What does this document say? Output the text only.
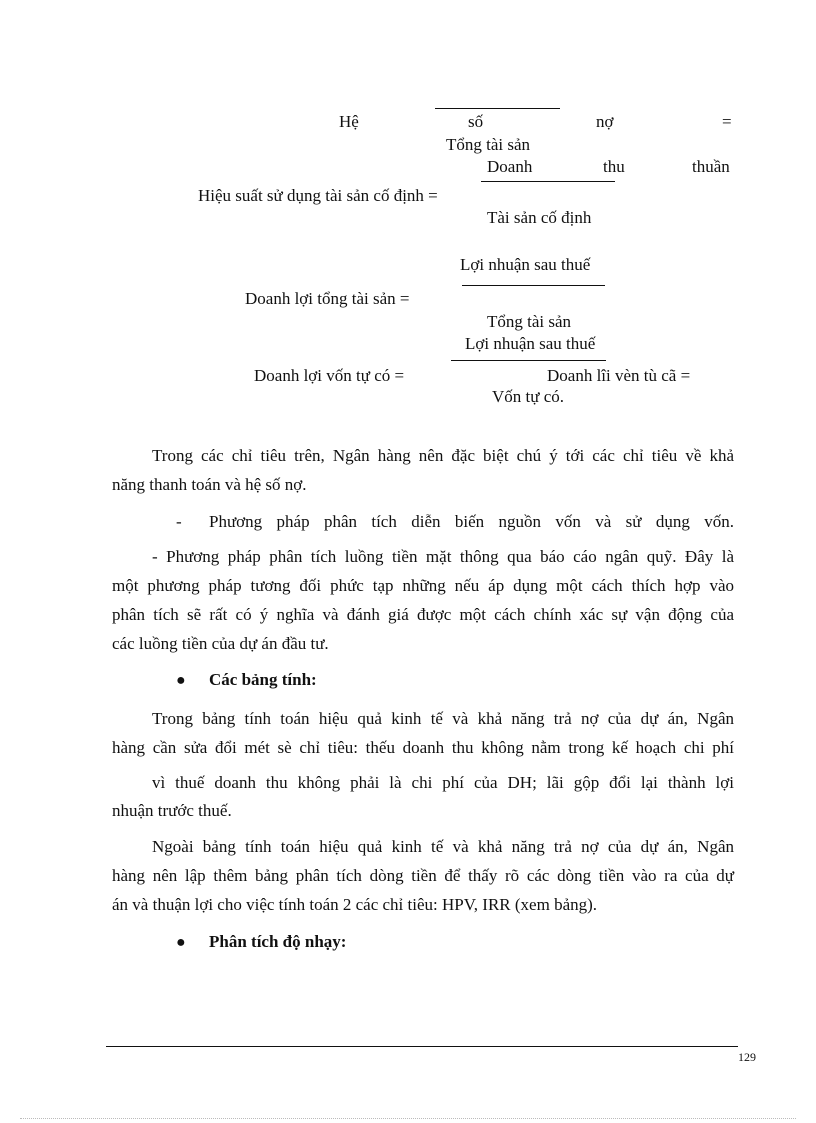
Hệ	số	nợ	=
Tổng tài sản
Doanh	thu	thuần
Hiệu suất sử dụng tài sản cố định =
Tài sản cố định
Lợi nhuận sau thuế
Doanh lợi tổng tài sản =
Tổng tài sản
Lợi nhuận sau thuế
Doanh lợi vốn tự có =	Doanh lîi vèn tù cã =
Vốn tự có.
Trong các chỉ tiêu trên, Ngân hàng nên đặc biệt chú ý tới các chỉ tiêu về khả
năng thanh toán và hệ số nợ.
- Phương pháp phân tích diễn biến nguồn vốn và sử dụng vốn.
- Phương pháp phân tích luồng tiền mặt thông qua báo cáo ngân quỹ. Đây là
một phương pháp tương đối phức tạp những nếu áp dụng một cách thích hợp vào
phân tích sẽ rất có ý nghĩa và đánh giá được một cách chính xác sự vận động của
các luồng tiền của dự án đầu tư.
● Các bảng tính:
Trong bảng tính toán hiệu quả kinh tế và khả năng trả nợ của dự án, Ngân
hàng cần sửa đổi mét sè chỉ tiêu: thếu doanh thu không nằm trong kế hoạch chi phí
vì thuế doanh thu không phải là chi phí của DH; lãi gộp đổi lại thành lợi
nhuận trước thuế.
Ngoài bảng tính toán hiệu quả kinh tế và khả năng trả nợ của dự án, Ngân
hàng nên lập thêm bảng phân tích dòng tiền để thấy rõ các dòng tiền vào ra của dự
án và thuận lợi cho việc tính toán 2 các chỉ tiêu: HPV, IRR (xem bảng).
● Phân tích độ nhạy:
129
